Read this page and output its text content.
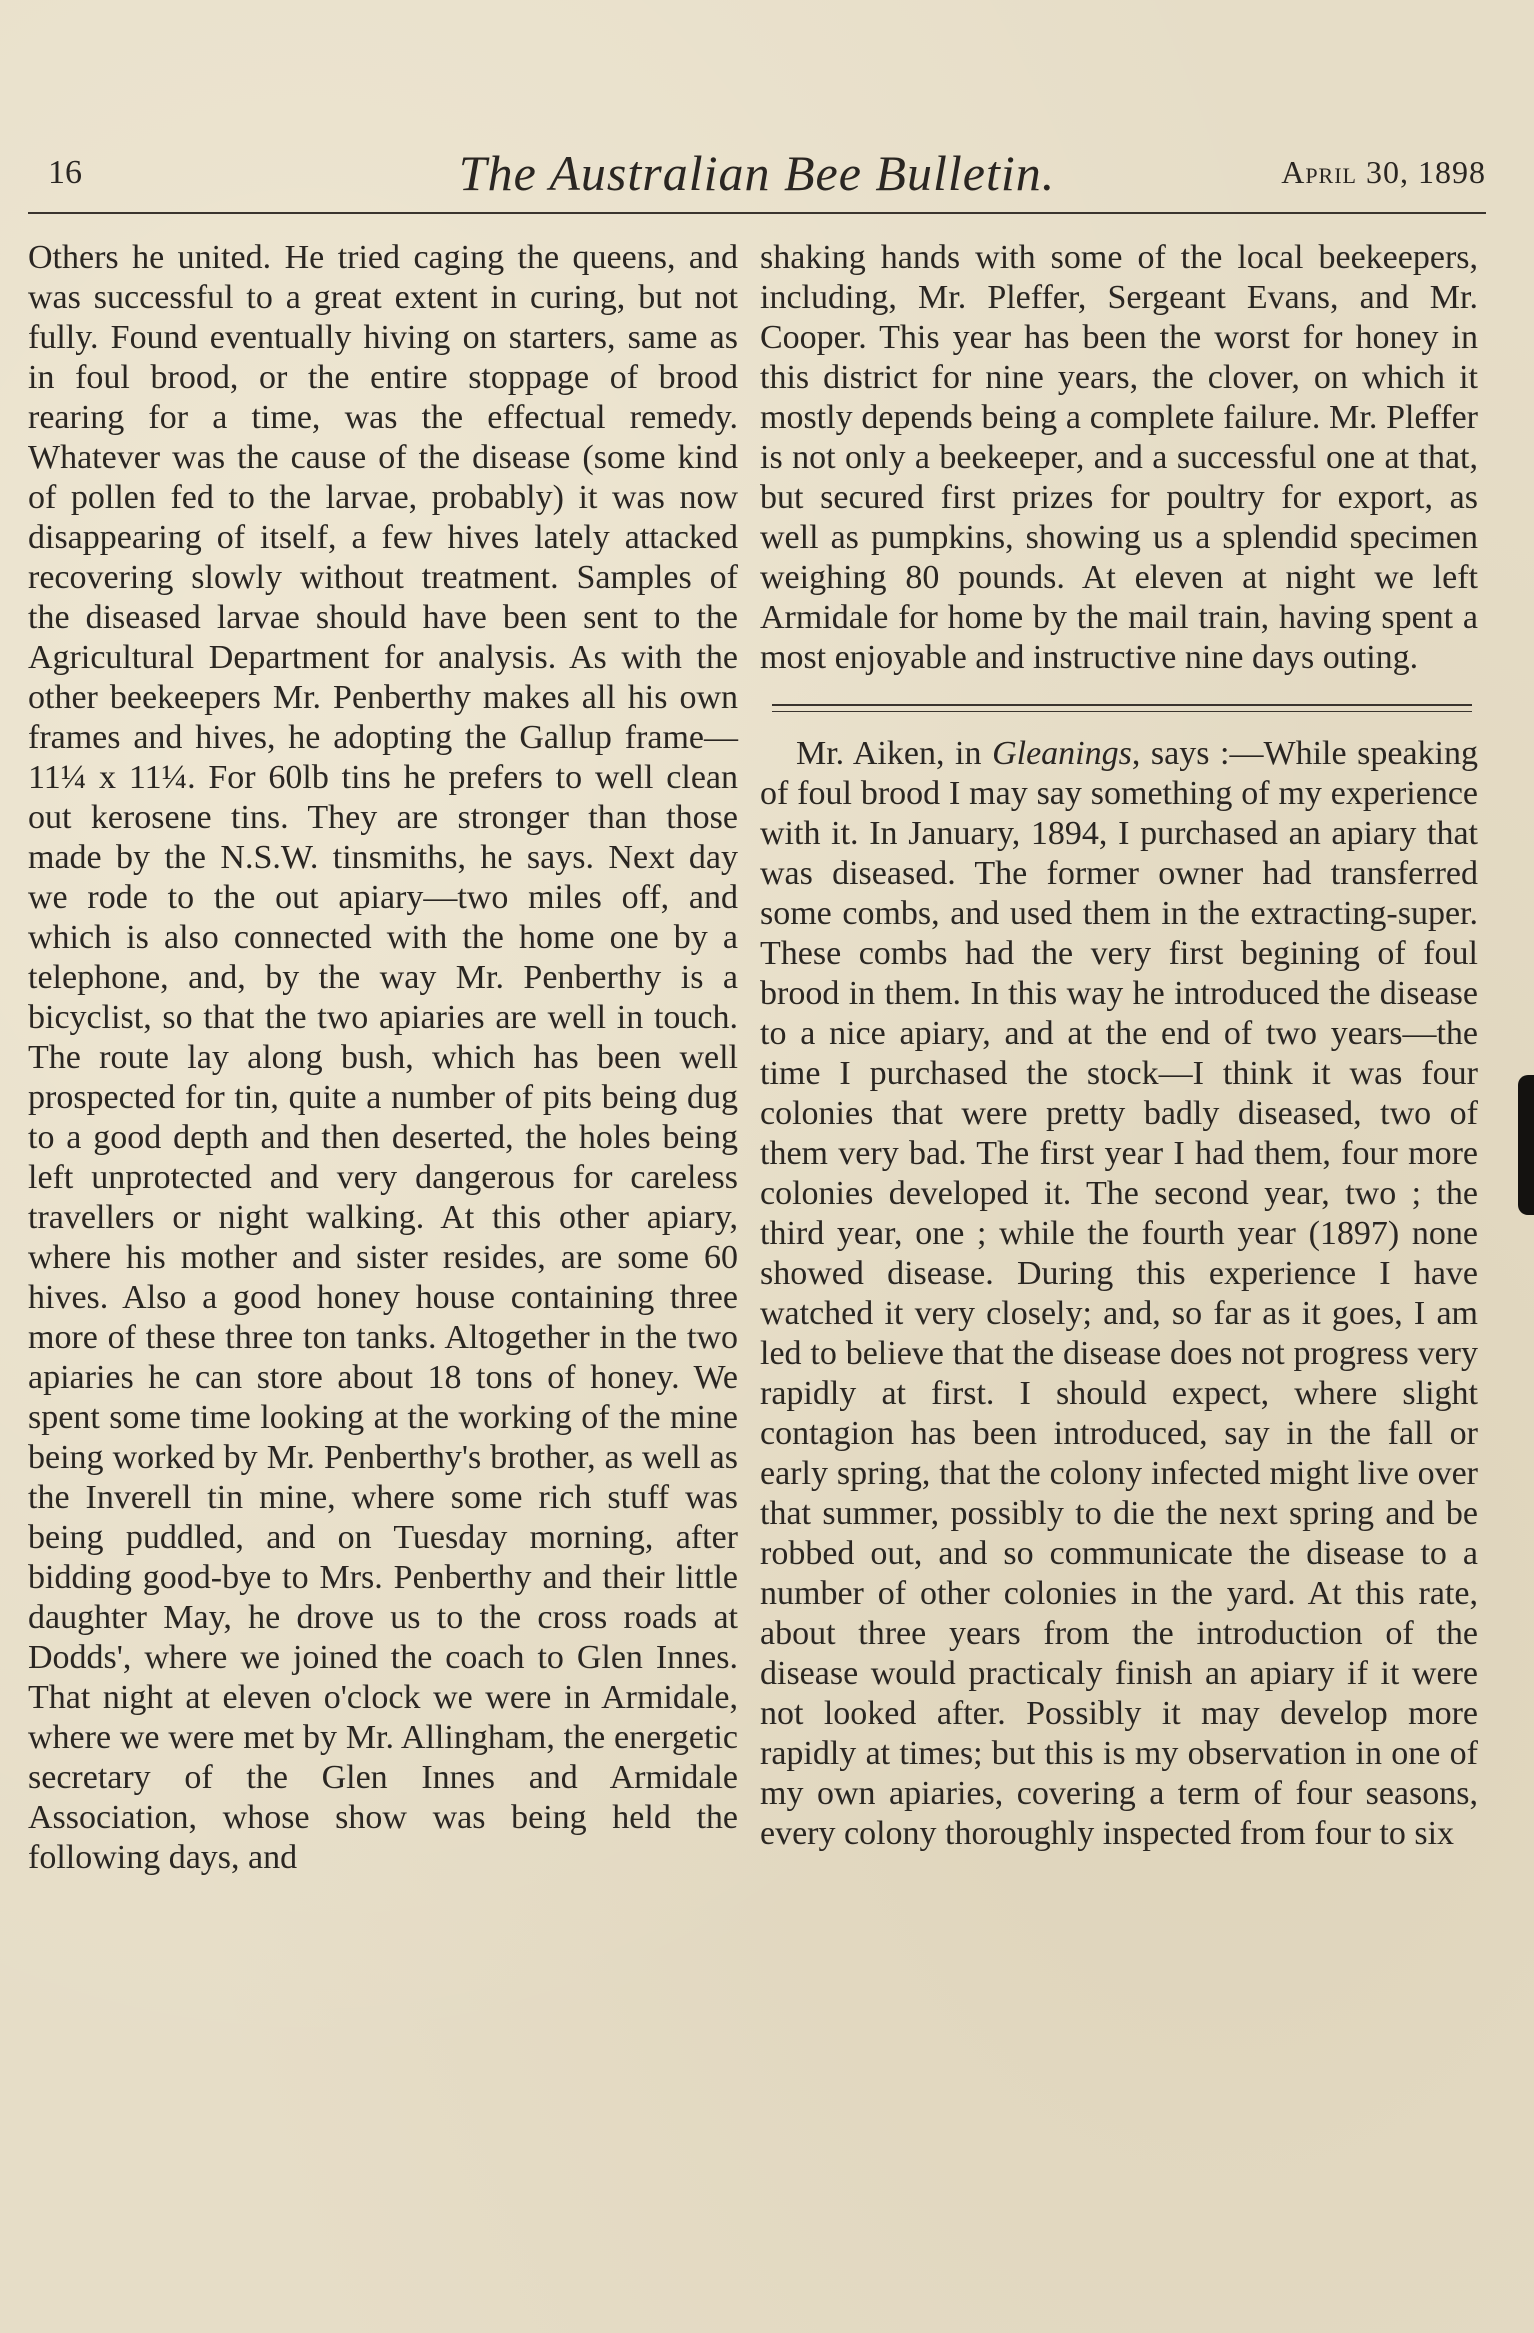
16	The Australian Bee Bulletin.	April 30, 1898

Others he united. He tried caging the queens, and was successful to a great extent in curing, but not fully. Found eventually hiving on starters, same as in foul brood, or the entire stoppage of brood rearing for a time, was the effectual remedy. Whatever was the cause of the disease (some kind of pollen fed to the larvae, probably) it was now disappearing of itself, a few hives lately attacked recovering slowly without treatment. Samples of the diseased larvae should have been sent to the Agricultural Department for analysis. As with the other beekeepers Mr. Penberthy makes all his own frames and hives, he adopting the Gallup frame—11¼ x 11¼. For 60lb tins he prefers to well clean out kerosene tins. They are stronger than those made by the N.S.W. tinsmiths, he says. Next day we rode to the out apiary—two miles off, and which is also connected with the home one by a telephone, and, by the way Mr. Penberthy is a bicyclist, so that the two apiaries are well in touch. The route lay along bush, which has been well prospected for tin, quite a number of pits being dug to a good depth and then deserted, the holes being left unprotected and very dangerous for careless travellers or night walking. At this other apiary, where his mother and sister resides, are some 60 hives. Also a good honey house containing three more of these three ton tanks. Altogether in the two apiaries he can store about 18 tons of honey. We spent some time looking at the working of the mine being worked by Mr. Penberthy's brother, as well as the Inverell tin mine, where some rich stuff was being puddled, and on Tuesday morning, after bidding good-bye to Mrs. Penberthy and their little daughter May, he drove us to the cross roads at Dodds', where we joined the coach to Glen Innes. That night at eleven o'clock we were in Armidale, where we were met by Mr. Allingham, the energetic secretary of the Glen Innes and Armidale Association, whose show was being held the following days, and

shaking hands with some of the local beekeepers, including, Mr. Pleffer, Sergeant Evans, and Mr. Cooper. This year has been the worst for honey in this district for nine years, the clover, on which it mostly depends being a complete failure. Mr. Pleffer is not only a beekeeper, and a successful one at that, but secured first prizes for poultry for export, as well as pumpkins, showing us a splendid specimen weighing 80 pounds. At eleven at night we left Armidale for home by the mail train, having spent a most enjoyable and instructive nine days outing.

Mr. Aiken, in Gleanings, says :—While speaking of foul brood I may say something of my experience with it. In January, 1894, I purchased an apiary that was diseased. The former owner had transferred some combs, and used them in the extracting-super. These combs had the very first begining of foul brood in them. In this way he introduced the disease to a nice apiary, and at the end of two years—the time I purchased the stock—I think it was four colonies that were pretty badly diseased, two of them very bad. The first year I had them, four more colonies developed it. The second year, two ; the third year, one ; while the fourth year (1897) none showed disease. During this experience I have watched it very closely; and, so far as it goes, I am led to believe that the disease does not progress very rapidly at first. I should expect, where slight contagion has been introduced, say in the fall or early spring, that the colony infected might live over that summer, possibly to die the next spring and be robbed out, and so communicate the disease to a number of other colonies in the yard. At this rate, about three years from the introduction of the disease would practicaly finish an apiary if it were not looked after. Possibly it may develop more rapidly at times; but this is my observation in one of my own apiaries, covering a term of four seasons, every colony thoroughly inspected from four to six
